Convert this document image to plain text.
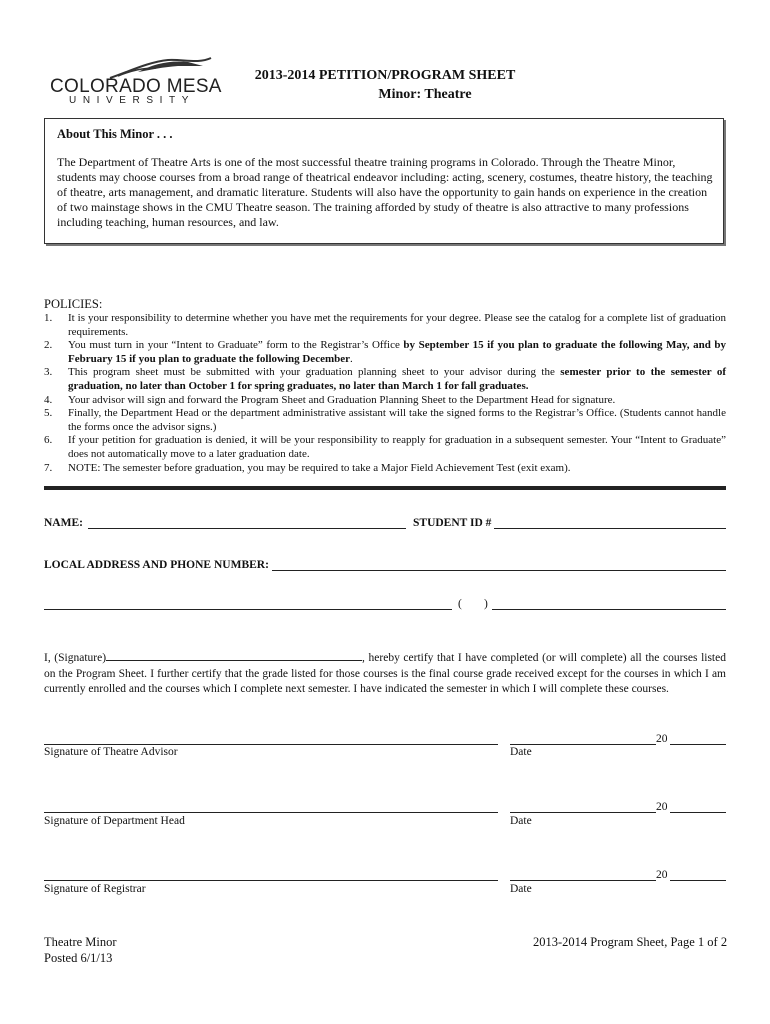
COLORADO MESA
UNIVERSITY
2013-2014 PETITION/PROGRAM SHEET
Minor: Theatre
About This Minor . . .

The Department of Theatre Arts is one of the most successful theatre training programs in Colorado. Through the Theatre Minor, students may choose courses from a broad range of theatrical endeavor including: acting, scenery, costumes, theatre history, the teaching of theatre, arts management, and dramatic literature. Students will also have the opportunity to gain hands on experience in the creation of two mainstage shows in the CMU Theatre season. The training afforded by study of theatre is also attractive to many professions including teaching, human resources, and law.

POLICIES:
1. It is your responsibility to determine whether you have met the requirements for your degree. Please see the catalog for a complete list of graduation requirements.
2. You must turn in your “Intent to Graduate” form to the Registrar’s Office by September 15 if you plan to graduate the following May, and by February 15 if you plan to graduate the following December.
3. This program sheet must be submitted with your graduation planning sheet to your advisor during the semester prior to the semester of graduation, no later than October 1 for spring graduates, no later than March 1 for fall graduates.
4. Your advisor will sign and forward the Program Sheet and Graduation Planning Sheet to the Department Head for signature.
5. Finally, the Department Head or the department administrative assistant will take the signed forms to the Registrar’s Office. (Students cannot handle the forms once the advisor signs.)
6. If your petition for graduation is denied, it will be your responsibility to reapply for graduation in a subsequent semester. Your “Intent to Graduate” does not automatically move to a later graduation date.
7. NOTE: The semester before graduation, you may be required to take a Major Field Achievement Test (exit exam).
NAME:	STUDENT ID #
LOCAL ADDRESS AND PHONE NUMBER:
( )
I, (Signature)	, hereby certify that I have completed (or will complete) all the courses listed on the Program Sheet. I further certify that the grade listed for those courses is the final course grade received except for the courses in which I am currently enrolled and the courses which I complete next semester. I have indicated the semester in which I will complete these courses.
20
Signature of Theatre Advisor	Date
20
Signature of Department Head	Date
20
Signature of Registrar	Date
Theatre Minor
Posted 6/1/13
2013-2014 Program Sheet, Page 1 of 2
